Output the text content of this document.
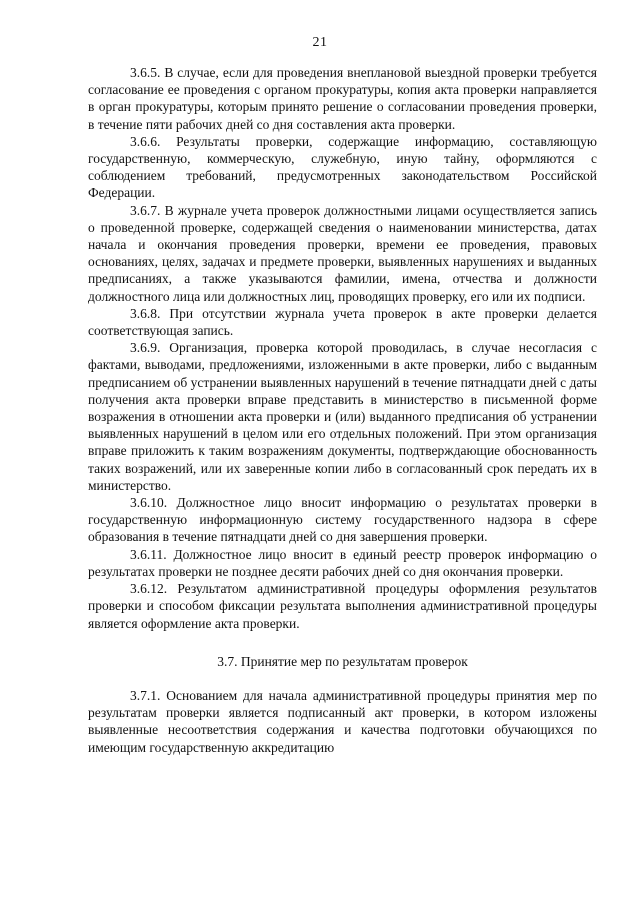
21

3.6.5. В случае, если для проведения внеплановой выездной проверки требуется согласование ее проведения с органом прокуратуры, копия акта проверки направляется в орган прокуратуры, которым принято решение о согласовании проведения проверки, в течение пяти рабочих дней со дня составления акта проверки.

3.6.6. Результаты проверки, содержащие информацию, составляющую государственную, коммерческую, служебную, иную тайну, оформляются с соблюдением требований, предусмотренных законодательством Российской Федерации.

3.6.7. В журнале учета проверок должностными лицами осуществляется запись о проведенной проверке, содержащей сведения о наименовании министерства, датах начала и окончания проведения проверки, времени ее проведения, правовых основаниях, целях, задачах и предмете проверки, выявленных нарушениях и выданных предписаниях, а также указываются фамилии, имена, отчества и должности должностного лица или должностных лиц, проводящих проверку, его или их подписи.

3.6.8. При отсутствии журнала учета проверок в акте проверки делается соответствующая запись.

3.6.9. Организация, проверка которой проводилась, в случае несогласия с фактами, выводами, предложениями, изложенными в акте проверки, либо с выданным предписанием об устранении выявленных нарушений в течение пятнадцати дней с даты получения акта проверки вправе представить в министерство в письменной форме возражения в отношении акта проверки и (или) выданного предписания об устранении выявленных нарушений в целом или его отдельных положений. При этом организация вправе приложить к таким возражениям документы, подтверждающие обоснованность таких возражений, или их заверенные копии либо в согласованный срок передать их в министерство.

3.6.10. Должностное лицо вносит информацию о результатах проверки в государственную информационную систему государственного надзора в сфере образования в течение пятнадцати дней со дня завершения проверки.

3.6.11. Должностное лицо вносит в единый реестр проверок информацию о результатах проверки не позднее десяти рабочих дней со дня окончания проверки.

3.6.12. Результатом административной процедуры оформления результатов проверки и способом фиксации результата выполнения административной процедуры является оформление акта проверки.

3.7. Принятие мер по результатам проверок

3.7.1. Основанием для начала административной процедуры принятия мер по результатам проверки является подписанный акт проверки, в котором изложены выявленные несоответствия содержания и качества подготовки обучающихся по имеющим государственную аккредитацию
